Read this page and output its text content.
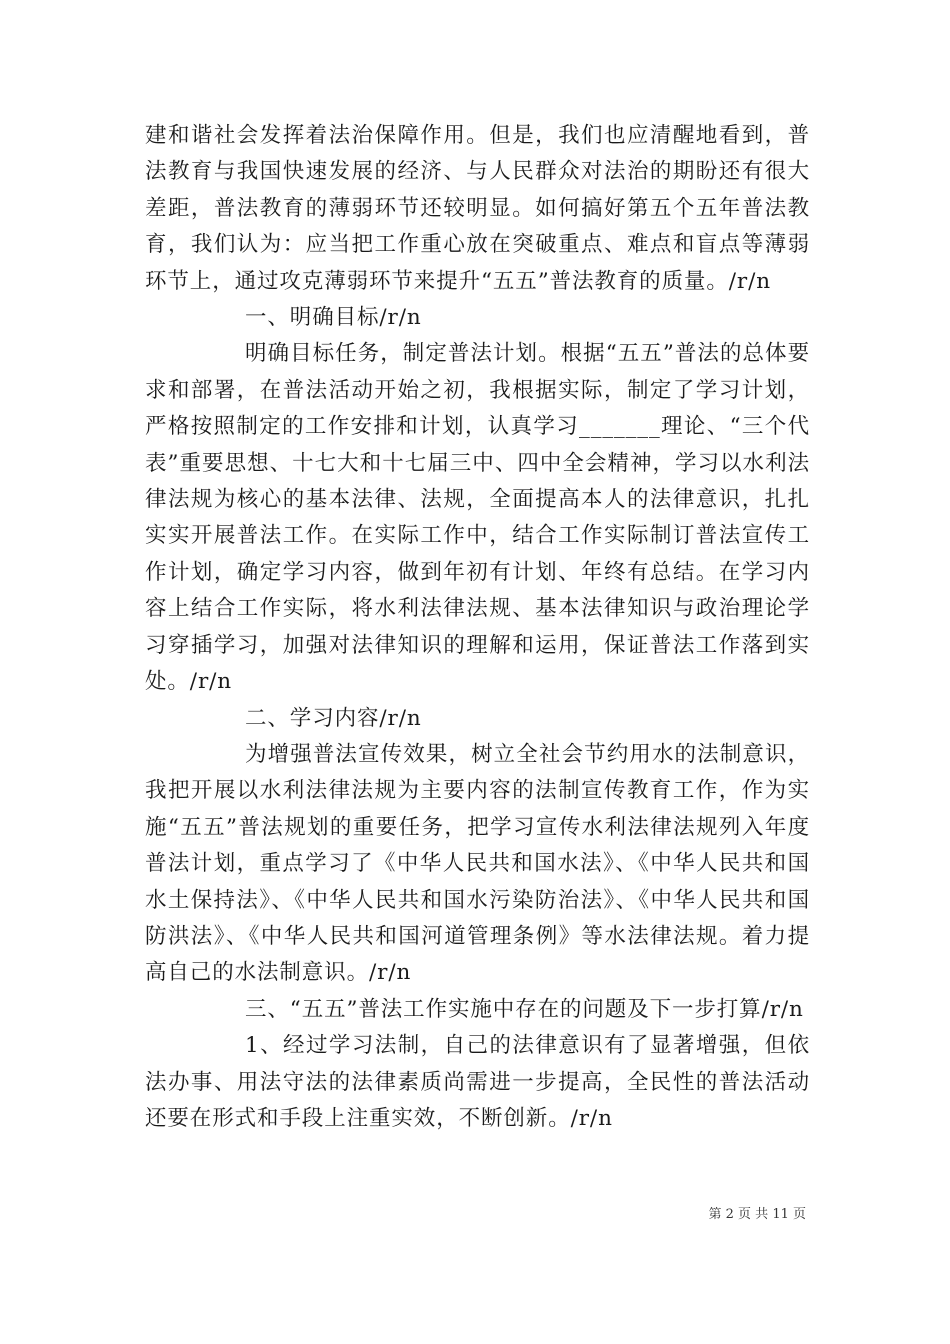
建和谐社会发挥着法治保障作用。但是，我们也应清醒地看到，普法教育与我国快速发展的经济、与人民群众对法治的期盼还有很大差距，普法教育的薄弱环节还较明显。如何搞好第五个五年普法教育，我们认为：应当把工作重心放在突破重点、难点和盲点等薄弱环节上，通过攻克薄弱环节来提升“五五”普法教育的质量。/r/n

一、明确目标/r/n

明确目标任务，制定普法计划。根据“五五”普法的总体要求和部署，在普法活动开始之初，我根据实际，制定了学习计划，严格按照制定的工作安排和计划，认真学习_______理论、“三个代表”重要思想、十七大和十七届三中、四中全会精神，学习以水利法律法规为核心的基本法律、法规，全面提高本人的法律意识，扎扎实实开展普法工作。在实际工作中，结合工作实际制订普法宣传工作计划，确定学习内容，做到年初有计划、年终有总结。在学习内容上结合工作实际，将水利法律法规、基本法律知识与政治理论学习穿插学习，加强对法律知识的理解和运用，保证普法工作落到实处。/r/n

二、学习内容/r/n

为增强普法宣传效果，树立全社会节约用水的法制意识，我把开展以水利法律法规为主要内容的法制宣传教育工作，作为实施“五五”普法规划的重要任务，把学习宣传水利法律法规列入年度普法计划，重点学习了《中华人民共和国水法》、《中华人民共和国水土保持法》、《中华人民共和国水污染防治法》、《中华人民共和国防洪法》、《中华人民共和国河道管理条例》等水法律法规。着力提高自己的水法制意识。/r/n

三、“五五”普法工作实施中存在的问题及下一步打算/r/n

1、经过学习法制，自己的法律意识有了显著增强，但依法办事、用法守法的法律素质尚需进一步提高，全民性的普法活动还要在形式和手段上注重实效，不断创新。/r/n

第 2 页 共 11 页
